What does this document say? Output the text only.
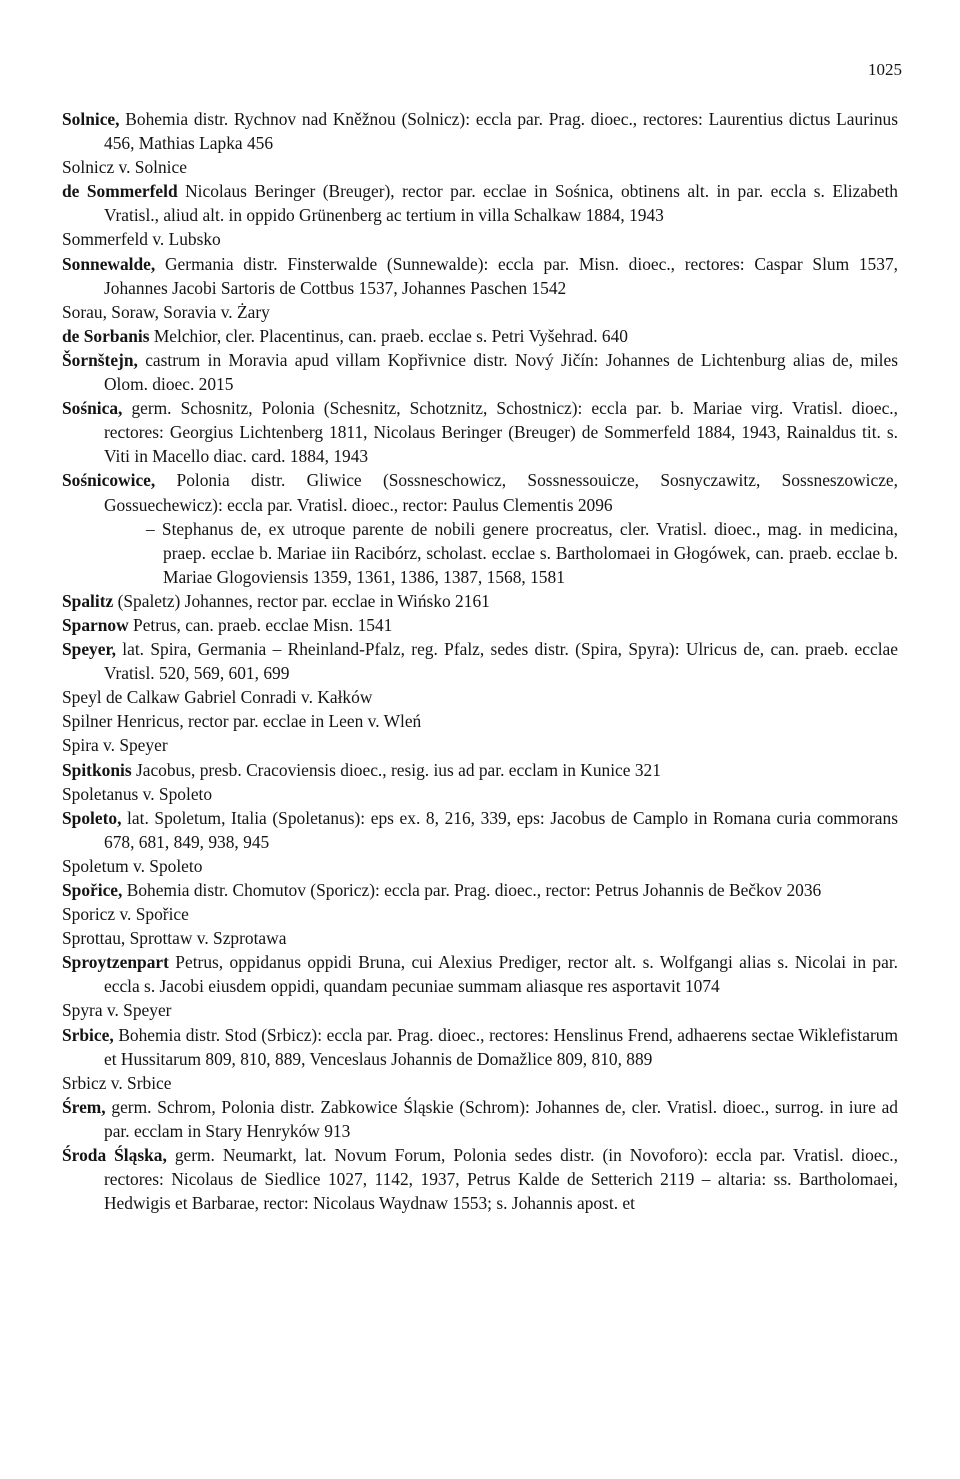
1025

Solnice, Bohemia distr. Rychnov nad Kněžnou (Solnicz): eccla par. Prag. dioec., rectores: Laurentius dictus Laurinus 456, Mathias Lapka 456

Solnicz v. Solnice

de Sommerfeld Nicolaus Beringer (Breuger), rector par. ecclae in Sośnica, obtinens alt. in par. eccla s. Elizabeth Vratisl., aliud alt. in oppido Grünenberg ac tertium in villa Schalkaw 1884, 1943

Sommerfeld v. Lubsko

Sonnewalde, Germania distr. Finsterwalde (Sunnewalde): eccla par. Misn. dioec., rectores: Caspar Slum 1537, Johannes Jacobi Sartoris de Cottbus 1537, Johannes Paschen 1542

Sorau, Soraw, Soravia v. Żary

de Sorbanis Melchior, cler. Placentinus, can. praeb. ecclae s. Petri Vyšehrad. 640

Šornštejn, castrum in Moravia apud villam Kopřivnice distr. Nový Jičín: Johannes de Lichtenburg alias de, miles Olom. dioec. 2015

Sośnica, germ. Schosnitz, Polonia (Schesnitz, Schotznitz, Schostnicz): eccla par. b. Mariae virg. Vratisl. dioec., rectores: Georgius Lichtenberg 1811, Nicolaus Beringer (Breuger) de Sommerfeld 1884, 1943, Rainaldus tit. s. Viti in Macello diac. card. 1884, 1943

Sośnicowice, Polonia distr. Gliwice (Sossneschowicz, Sossnessouicze, Sosnyczawitz, Sossneszowicze, Gossuechewicz): eccla par. Vratisl. dioec., rector: Paulus Clementis 2096

– Stephanus de, ex utroque parente de nobili genere procreatus, cler. Vratisl. dioec., mag. in medicina, praep. ecclae b. Mariae iin Racibórz, scholast. ecclae s. Bartholomaei in Głogówek, can. praeb. ecclae b. Mariae Glogoviensis 1359, 1361, 1386, 1387, 1568, 1581

Spalitz (Spaletz) Johannes, rector par. ecclae in Wińsko 2161

Sparnow Petrus, can. praeb. ecclae Misn. 1541

Speyer, lat. Spira, Germania – Rheinland-Pfalz, reg. Pfalz, sedes distr. (Spira, Spyra): Ulricus de, can. praeb. ecclae Vratisl. 520, 569, 601, 699

Speyl de Calkaw Gabriel Conradi v. Kałków

Spilner Henricus, rector par. ecclae in Leen v. Wleń

Spira v. Speyer

Spitkonis Jacobus, presb. Cracoviensis dioec., resig. ius ad par. ecclam in Kunice 321

Spoletanus v. Spoleto

Spoleto, lat. Spoletum, Italia (Spoletanus): eps ex. 8, 216, 339, eps: Jacobus de Camplo in Romana curia commorans 678, 681, 849, 938, 945

Spoletum v. Spoleto

Spořice, Bohemia distr. Chomutov (Sporicz): eccla par. Prag. dioec., rector: Petrus Johannis de Bečkov 2036

Sporicz v. Spořice

Sprottau, Sprottaw v. Szprotawa

Sproytzenpart Petrus, oppidanus oppidi Bruna, cui Alexius Prediger, rector alt. s. Wolfgangi alias s. Nicolai in par. eccla s. Jacobi eiusdem oppidi, quandam pecuniae summam aliasque res asportavit 1074

Spyra v. Speyer

Srbice, Bohemia distr. Stod (Srbicz): eccla par. Prag. dioec., rectores: Henslinus Frend, adhaerens sectae Wiklefistarum et Hussitarum 809, 810, 889, Venceslaus Johannis de Domažlice 809, 810, 889

Srbicz v. Srbice

Śrem, germ. Schrom, Polonia distr. Zabkowice Śląskie (Schrom): Johannes de, cler. Vratisl. dioec., surrog. in iure ad par. ecclam in Stary Henryków 913

Środa Śląska, germ. Neumarkt, lat. Novum Forum, Polonia sedes distr. (in Novoforo): eccla par. Vratisl. dioec., rectores: Nicolaus de Siedlice 1027, 1142, 1937, Petrus Kalde de Setterich 2119 – altaria: ss. Bartholomaei, Hedwigis et Barbarae, rector: Nicolaus Waydnaw 1553; s. Johannis apost. et
